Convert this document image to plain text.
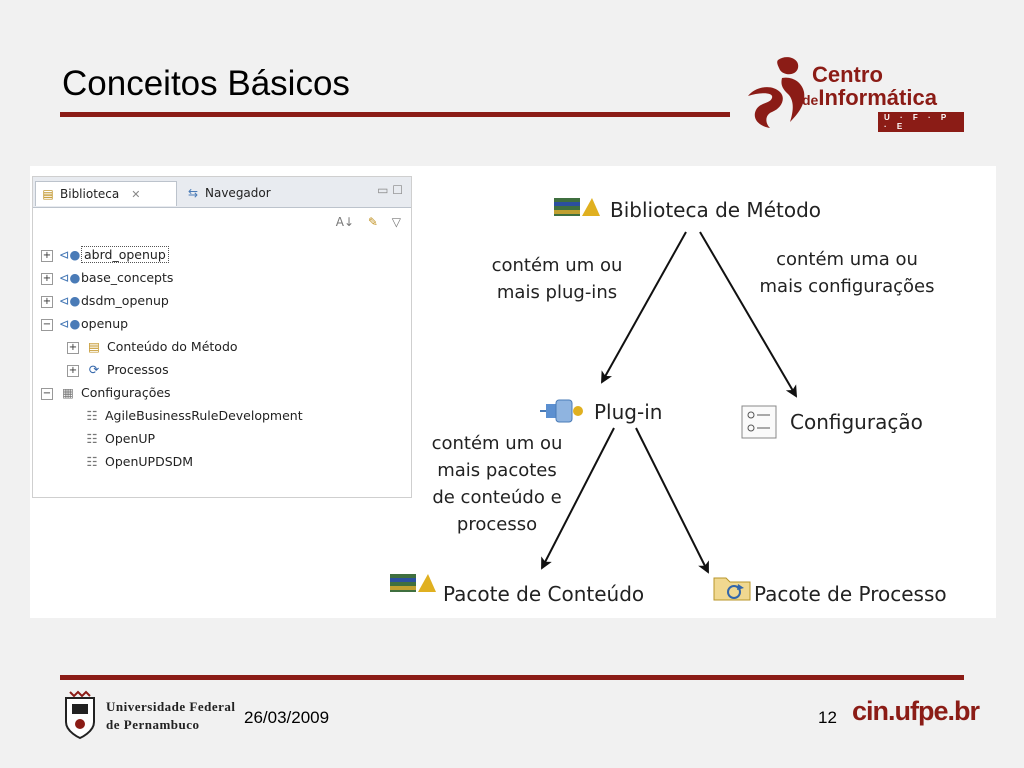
Conceitos Básicos	Centro
deInformática
U · F · P · E
▤ Biblioteca ✕	⇆ Navegador	▭ ☐
A↓ ✎ ▽
+ ⊲● abrd_openup
+ ⊲●base_concepts
+ ⊲●dsdm_openup
− ⊲●openup
+ ▤ Conteúdo do Método
+ ⟳ Processos
− ▦ Configurações
☷ AgileBusinessRuleDevelopment
☷ OpenUP
☷ OpenUPDSDM
Biblioteca de Método
Plug-in	Configuração
Pacote de Conteúdo	Pacote de Processo
contém um ou
mais plug-ins
contém uma ou
mais configurações
contém um ou
mais pacotes
de conteúdo e
processo
Universidade Federal
de Pernambuco	26/03/2009	12 cin.ufpe.br
